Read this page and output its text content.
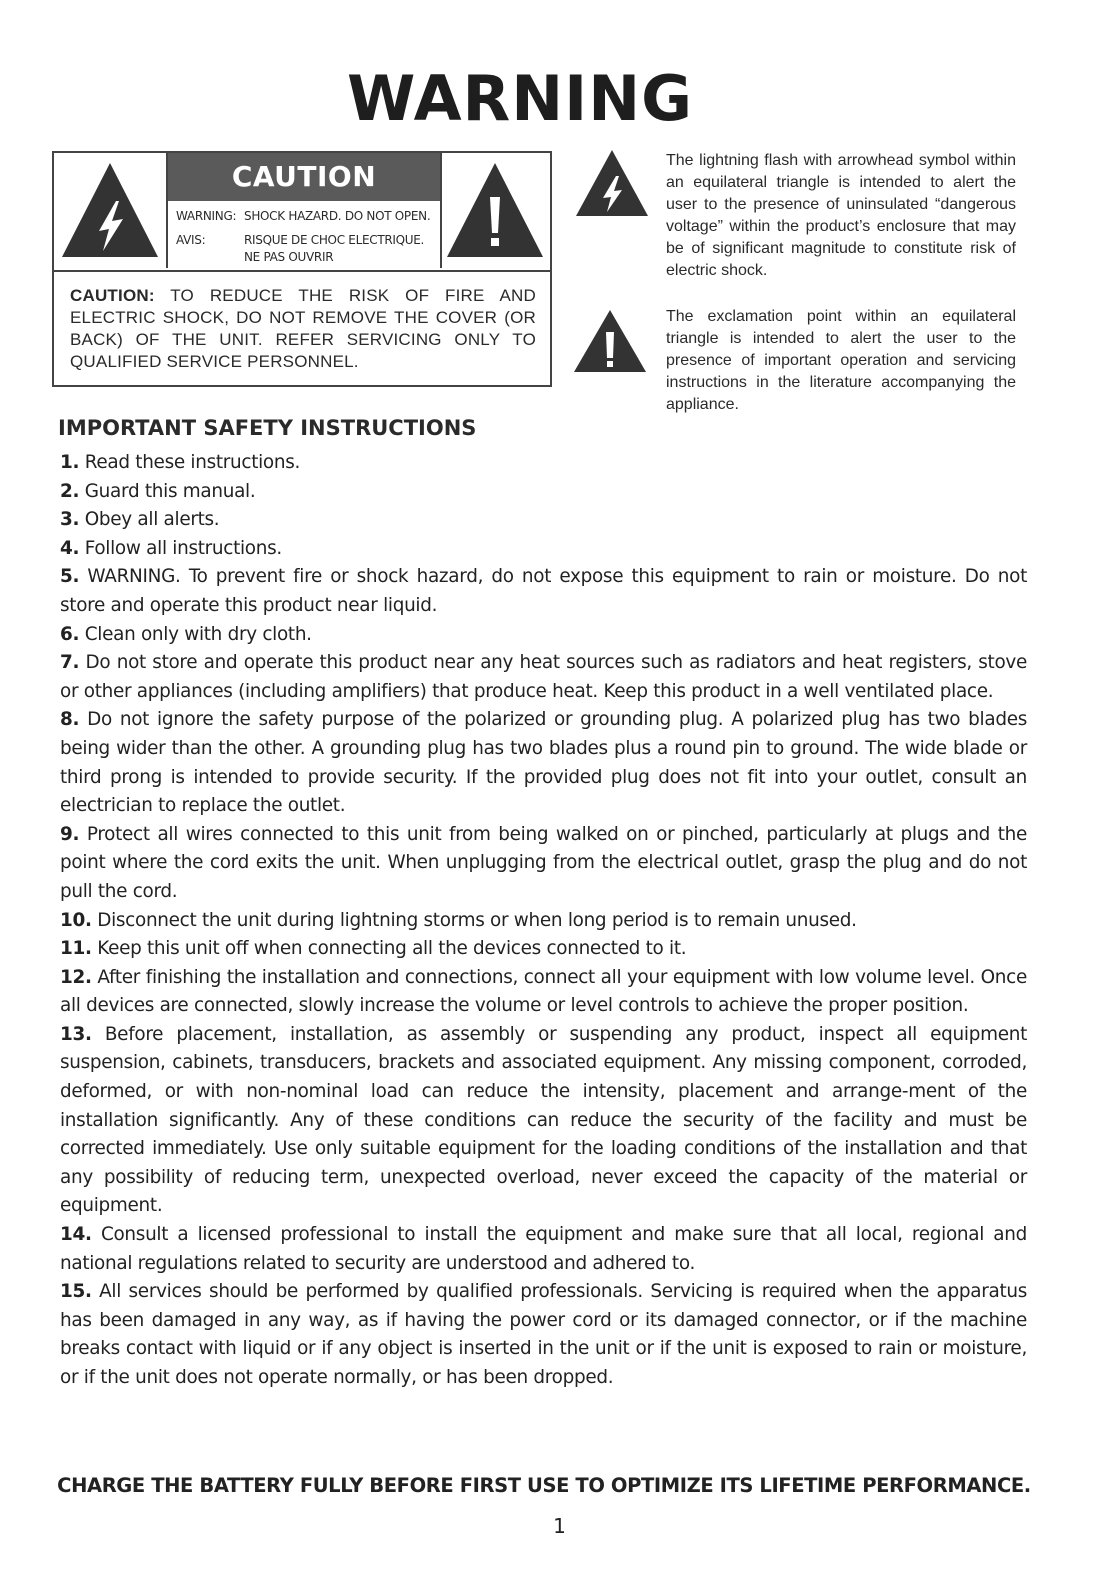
WARNING
CAUTION
WARNING: SHOCK HAZARD. DO NOT OPEN.
AVIS:	RISQUE DE CHOC ELECTRIQUE.
NE PAS OUVRIR
CAUTION: TO REDUCE THE RISK OF FIRE AND ELECTRIC SHOCK, DO NOT REMOVE THE COVER (OR BACK) OF THE UNIT. REFER SERVICING ONLY TO QUALIFIED SERVICE PERSONNEL.
The lightning flash with arrowhead symbol within an equilateral triangle is intended to alert the user to the presence of uninsulated “dangerous voltage” within the product’s enclosure that may be of significant magnitude to constitute risk of electric shock.
The exclamation point within an equilateral triangle is intended to alert the user to the presence of important operation and servicing instructions in the literature accompanying the appliance.
IMPORTANT SAFETY INSTRUCTIONS

1. Read these instructions.

2. Guard this manual.

3. Obey all alerts.

4. Follow all instructions.

5. WARNING. To prevent fire or shock hazard, do not expose this equipment to rain or moisture. Do not store and operate this product near liquid.

6. Clean only with dry cloth.

7. Do not store and operate this product near any heat sources such as radiators and heat registers, stove or other appliances (including amplifiers) that produce heat. Keep this product in a well ventilated place.

8. Do not ignore the safety purpose of the polarized or grounding plug. A polarized plug has two blades being wider than the other. A grounding plug has two blades plus a round pin to ground. The wide blade or third prong is intended to provide security. If the provided plug does not fit into your outlet, consult an electrician to replace the outlet.

9. Protect all wires connected to this unit from being walked on or pinched, particularly at plugs and the point where the cord exits the unit. When unplugging from the electrical outlet, grasp the plug and do not pull the cord.

10. Disconnect the unit during lightning storms or when long period is to remain unused.

11. Keep this unit off when connecting all the devices connected to it.

12. After finishing the installation and connections, connect all your equipment with low volume level. Once all devices are connected, slowly increase the volume or level controls to achieve the proper position.

13. Before placement, installation, as assembly or suspending any product, inspect all equipment suspension, cabinets, transducers, brackets and associated equipment. Any missing component, corroded, deformed, or with non-nominal load can reduce the intensity, placement and arrange-ment of the installation significantly. Any of these conditions can reduce the security of the facility and must be corrected immediately. Use only suitable equipment for the loading conditions of the installation and that any possibility of reducing term, unexpected overload, never exceed the capacity of the material or equipment.

14. Consult a licensed professional to install the equipment and make sure that all local, regional and national regulations related to security are understood and adhered to.

15. All services should be performed by qualified professionals. Servicing is required when the apparatus has been damaged in any way, as if having the power cord or its damaged connector, or if the machine breaks contact with liquid or if any object is inserted in the unit or if the unit is exposed to rain or moisture, or if the unit does not operate normally, or has been dropped.

CHARGE THE BATTERY FULLY BEFORE FIRST USE TO OPTIMIZE ITS LIFETIME PERFORMANCE.
1
